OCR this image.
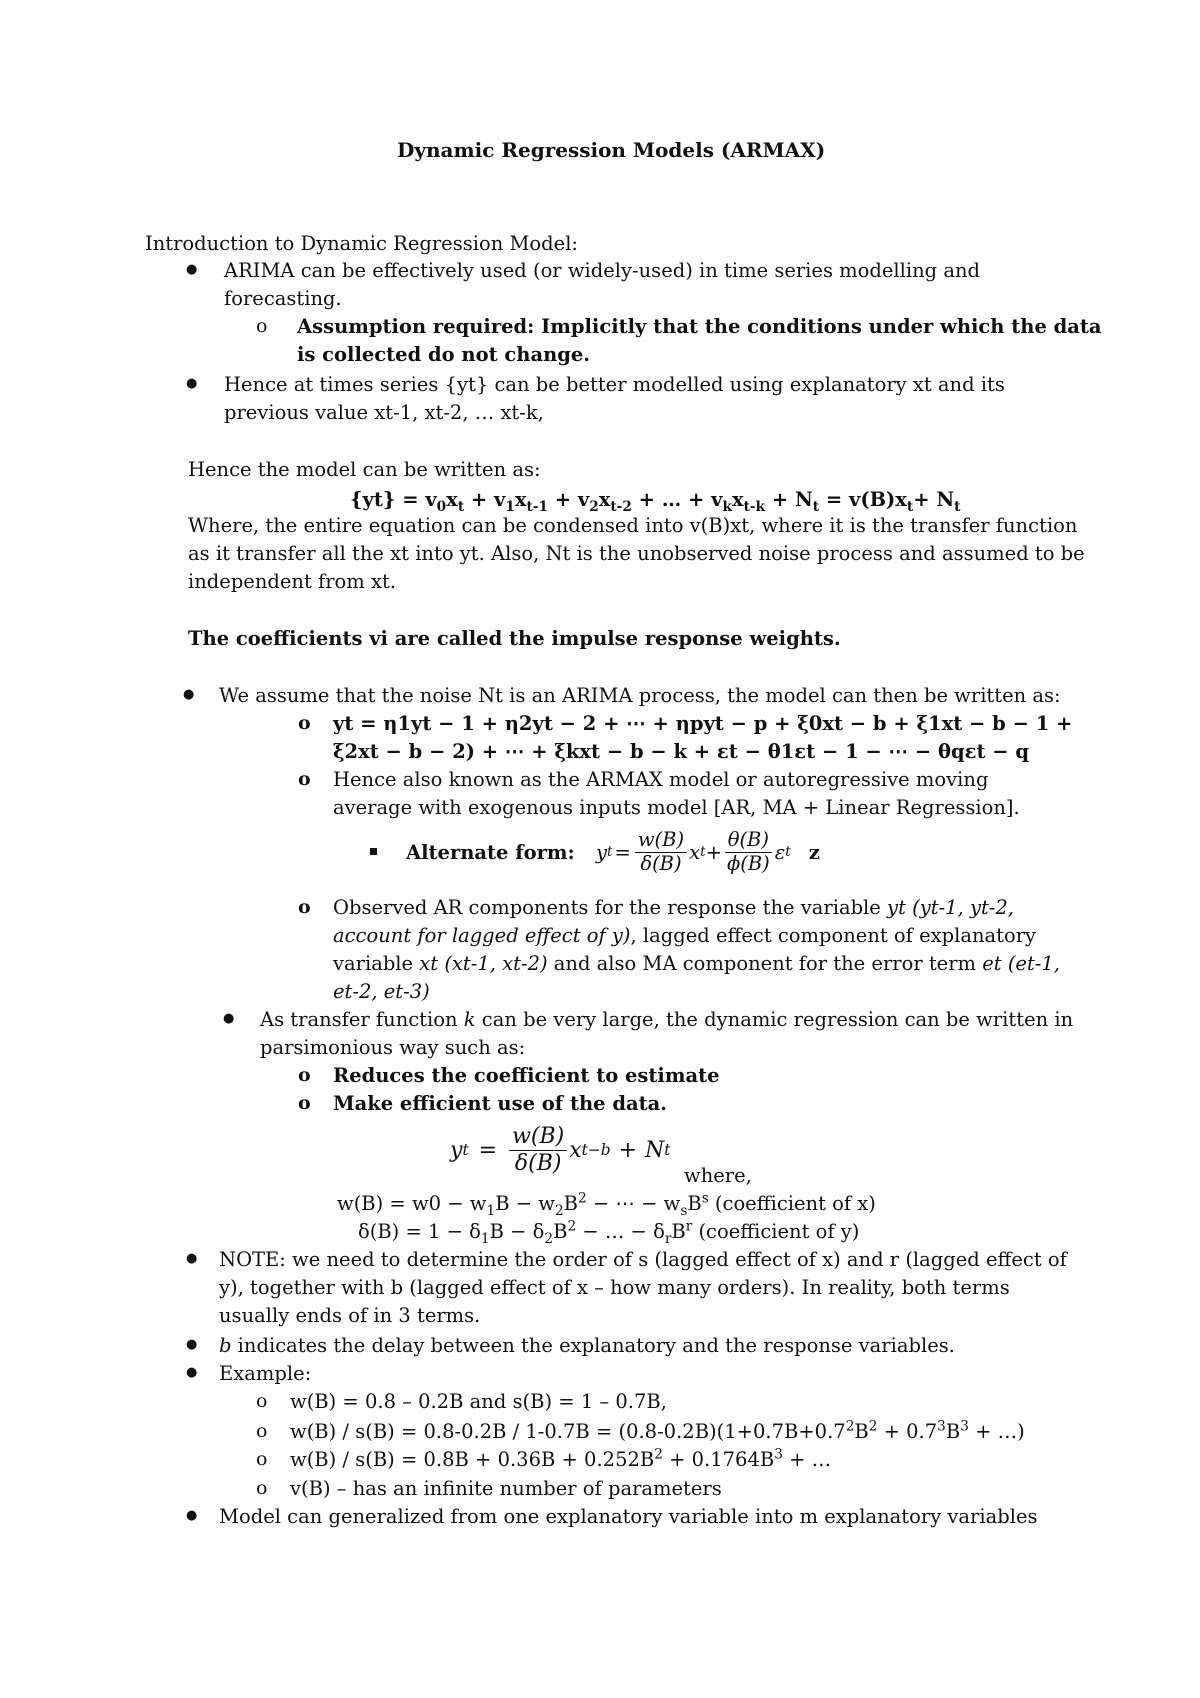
Dynamic Regression Models (ARMAX)
Introduction to Dynamic Regression Model:
● ARIMA can be effectively used (or widely-used) in time series modelling and
forecasting.
o Assumption required: Implicitly that the conditions under which the data
is collected do not change.
● Hence at times series {yt} can be better modelled using explanatory xt and its
previous value xt-1, xt-2, … xt-k,
Hence the model can be written as:
$\{yt\} = v_0x_t + v_1x_{t-1} + v_2x_{t-2}$ + … + $v_kx_{t-k} + N_t = v(B)x_t+ N_t$
Where, the entire equation can be condensed into v(B)xt, where it is the transfer function
as it transfer all the xt into yt. Also, Nt is the unobserved noise process and assumed to be
independent from xt.
The coefficients vi are called the impulse response weights.
● We assume that the noise Nt is an ARIMA process, the model can then be written as:
o yt = η1yt − 1 + η2yt − 2 + ⋯ + ηpyt − p + ξ0xt − b + ξ1xt − b − 1 +
ξ2xt − b − 2) + ⋯ + ξkxt − b − k + εt − θ1εt − 1 − ⋯ − θqεt − q
o Hence also known as the ARMAX model or autoregressive moving
average with exogenous inputs model [AR, MA + Linear Regression].
Alternate form: y $t = \frac{w(B)}{\delta(B)}$ x $t + \frac{\theta(B)}{\phi(B)}$ ε t z
o Observed AR components for the response the variable yt (yt-1, yt-2,
account for lagged effect of y), lagged effect component of explanatory
variable xt (xt-1, xt-2) and also MA component for the error term et (et-1,
et-2, et-3)
● As transfer function k can be very large, the dynamic regression can be written in
parsimonious way such as:
o Reduces the coefficient to estimate
o Make efficient use of the data.
y $t = \frac{w(B)}{\delta(B)}$ x t−b + N t
where,
$w(B) = w0 - w_1B - w_2B^2$ − ⋯ − $w_sB^s$ (coefficient of x)
$\delta(B) = 1 - \delta_1B - \delta_2B^2$ − … − $\delta_rB^r$ (coefficient of y)
● NOTE: we need to determine the order of s (lagged effect of x) and r (lagged effect of
y), together with b (lagged effect of x – how many orders). In reality, both terms
usually ends of in 3 terms.
● b indicates the delay between the explanatory and the response variables.
● Example:
o w(B) = 0.8 – 0.2B and s(B) = 1 – 0.7B,
o $w(B) / s(B) = 0.8-0.2B / 1-0.7B = (0.8-0.2B)(1+0.7B+0.7^2B^2 + 0.7^3B^3$ + …)
o $w(B) / s(B) = 0.8B + 0.36B + 0.252B^2 + 0.1764B^3$ + …
o v(B) – has an infinite number of parameters
● Model can generalized from one explanatory variable into m explanatory variables
